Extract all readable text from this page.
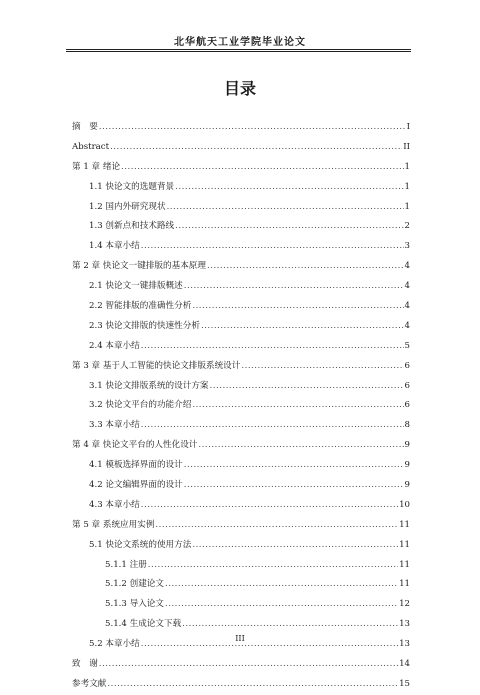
北华航天工业学院毕业论文
目录
摘　要 .....	I
Abstract .....	II
第 1 章 绪论 .....	1
1.1 快论文的选题背景 .....	1
1.2 国内外研究现状 .....	1
1.3 创新点和技术路线 .....	2
1.4 本章小结 .....	3
第 2 章 快论文一键排版的基本原理 .....	4
2.1 快论文一键排版概述 .....	4
2.2 智能排版的准确性分析 .....	4
2.3 快论文排版的快速性分析 .....	4
2.4 本章小结 .....	5
第 3 章 基于人工智能的快论文排版系统设计 .....	6
3.1 快论文排版系统的设计方案 .....	6
3.2 快论文平台的功能介绍 .....	6
3.3 本章小结 .....	8
第 4 章 快论文平台的人性化设计 .....	9
4.1 模板选择界面的设计 .....	9
4.2 论文编辑界面的设计 .....	9
4.3 本章小结 .....	10
第 5 章 系统应用实例 .....	11
5.1 快论文系统的使用方法 .....	11
5.1.1 注册 .....	11
5.1.2 创建论文 .....	11
5.1.3 导入论文 .....	12
5.1.4 生成论文下载 .....	13
5.2 本章小结 .....	13
致　谢 .....	14
参考文献 .....	15
III
